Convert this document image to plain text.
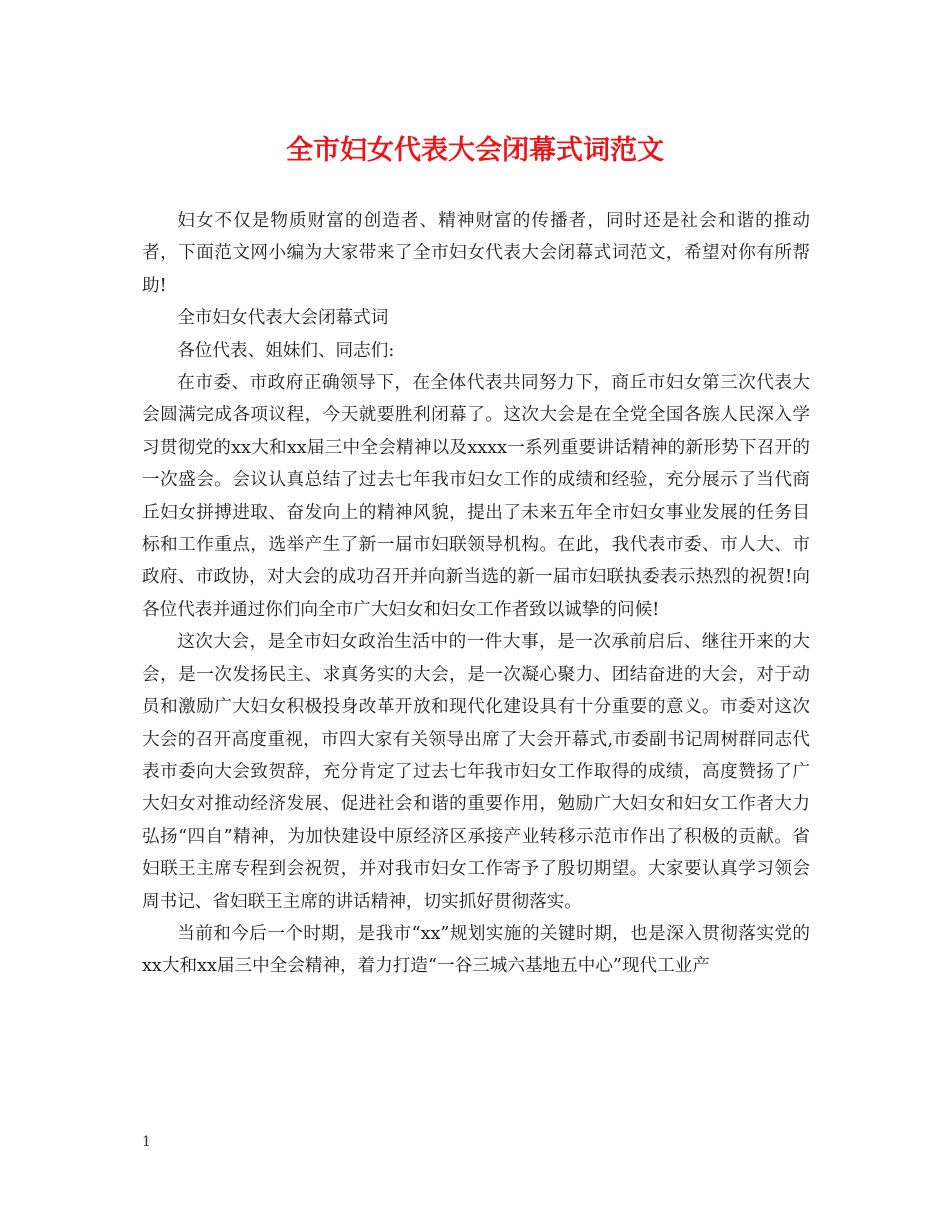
全市妇女代表大会闭幕式词范文

妇女不仅是物质财富的创造者、精神财富的传播者，同时还是社会和谐的推动者，下面范文网小编为大家带来了全市妇女代表大会闭幕式词范文，希望对你有所帮助!

全市妇女代表大会闭幕式词

各位代表、姐妹们、同志们:

在市委、市政府正确领导下，在全体代表共同努力下，商丘市妇女第三次代表大会圆满完成各项议程，今天就要胜利闭幕了。这次大会是在全党全国各族人民深入学习贯彻党的xx大和xx届三中全会精神以及xxxx一系列重要讲话精神的新形势下召开的一次盛会。会议认真总结了过去七年我市妇女工作的成绩和经验，充分展示了当代商丘妇女拼搏进取、奋发向上的精神风貌，提出了未来五年全市妇女事业发展的任务目标和工作重点，选举产生了新一届市妇联领导机构。在此，我代表市委、市人大、市政府、市政协，对大会的成功召开并向新当选的新一届市妇联执委表示热烈的祝贺!向各位代表并通过你们向全市广大妇女和妇女工作者致以诚挚的问候!

这次大会，是全市妇女政治生活中的一件大事，是一次承前启后、继往开来的大会，是一次发扬民主、求真务实的大会，是一次凝心聚力、团结奋进的大会，对于动员和激励广大妇女积极投身改革开放和现代化建设具有十分重要的意义。市委对这次大会的召开高度重视，市四大家有关领导出席了大会开幕式,市委副书记周树群同志代表市委向大会致贺辞，充分肯定了过去七年我市妇女工作取得的成绩，高度赞扬了广大妇女对推动经济发展、促进社会和谐的重要作用，勉励广大妇女和妇女工作者大力弘扬“四自”精神，为加快建设中原经济区承接产业转移示范市作出了积极的贡献。省妇联王主席专程到会祝贺，并对我市妇女工作寄予了殷切期望。大家要认真学习领会周书记、省妇联王主席的讲话精神，切实抓好贯彻落实。

当前和今后一个时期，是我市“xx”规划实施的关键时期，也是深入贯彻落实党的xx大和xx届三中全会精神，着力打造“一谷三城六基地五中心”现代工业产

1
